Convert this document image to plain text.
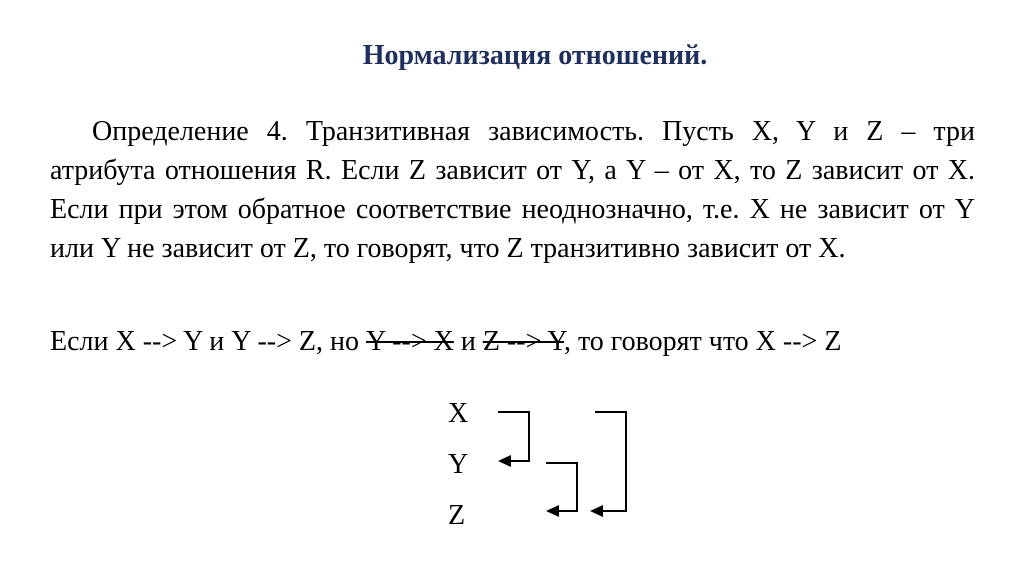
Нормализация отношений.

Определение 4. Транзитивная зависимость. Пусть X, Y и Z – три атрибута отношения R. Если Z зависит от Y, а Y – от X, то Z зависит от X. Если при этом обратное соответствие неоднозначно, т.е. X не зависит от Y или Y не зависит от Z, то говорят, что Z транзитивно зависит от X.

Если X --> Y и Y --> Z, но Y --> X и Z --> Y, то говорят что X --> Z

X
Y
Z
